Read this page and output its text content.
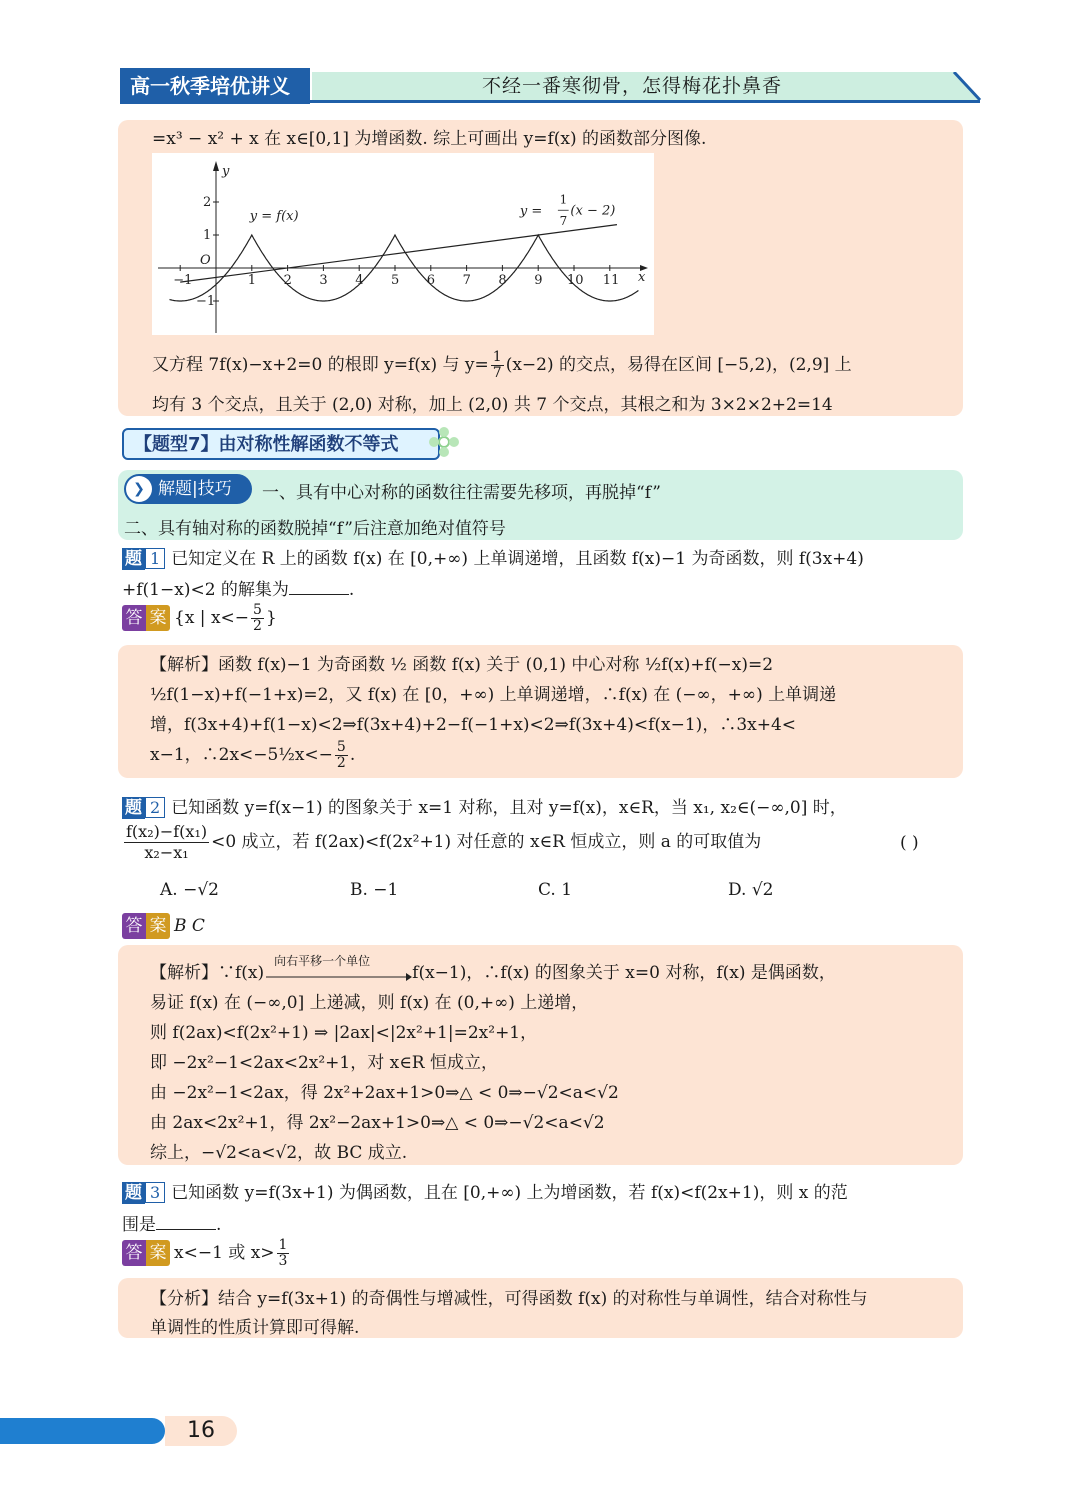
高一秋季培优讲义	不经一番寒彻骨，怎得梅花扑鼻香
=x³ − x² + x 在 x∈[0,1] 为增函数. 综上可画出 y=f(x) 的函数部分图像.
x
y
O
−1	1 2 3 4 5 6 7 8 9 10 11
2
1
−1
y = f(x)	y =
1
7
(x − 2)
又方程 7f(x)−x+2=0 的根即 y=f(x) 与 $y= \frac{1}{7} (x-2)$ 的交点，易得在区间 [−5,2)，(2,9] 上
均有 3 个交点，且关于 (2,0) 对称，加上 (2,0) 共 7 个交点，其根之和为 3×2×2+2=14
【题型7】由对称性解函数不等式
❯ 解题|技巧 一、具有中心对称的函数往往需要先移项，再脱掉“f”
二、具有轴对称的函数脱掉“f”后注意加绝对值符号
题 1 已知定义在 R 上的函数 f(x) 在 [0,+∞) 上单调递增，且函数 f(x)−1 为奇函数，则 f(3x+4)
+f(1−x)<2 的解集为	.
答 案 {x | $x<- \frac{5}{2}$ }
【解析】函数 f(x)−1 为奇函数 ½ 函数 f(x) 关于 (0,1) 中心对称 ½f(x)+f(−x)=2
½f(1−x)+f(−1+x)=2，又 f(x) 在 [0，+∞) 上单调递增，∴f(x) 在 (−∞，+∞) 上单调递
增，f(3x+4)+f(1−x)<2⇒f(3x+4)+2−f(−1+x)<2⇒f(3x+4)<f(x−1)，∴3x+4<
x−1，∴2x<−5½x<− $\frac{5}{2}$ .
题 2 已知函数 y=f(x−1) 的图象关于 x=1 对称，且对 y=f(x)，x∈R，当 x₁, x₂∈(−∞,0] 时，
$\frac{\text{f(x₂)−f(x₁)}}{\text{x₂−x₁}} <0$ 成立，若 f(2ax)<f(2x²+1) 对任意的 x∈R 恒成立，则 a 的可取值为	( )
A. −√2	B. −1	C. 1	D. √2
答 案 B C
【解析】∵f(x)
向右平移一个单位
f(x−1)，∴f(x) 的图象关于 x=0 对称，f(x) 是偶函数，
易证 f(x) 在 (−∞,0] 上递减，则 f(x) 在 (0,+∞) 上递增，
则 f(2ax)<f(2x²+1) ⇒ |2ax|<|2x²+1|=2x²+1，
即 −2x²−1<2ax<2x²+1，对 x∈R 恒成立，
由 −2x²−1<2ax，得 2x²+2ax+1>0⇒△ < 0⇒−√2<a<√2
由 2ax<2x²+1，得 2x²−2ax+1>0⇒△ < 0⇒−√2<a<√2
综上，−√2<a<√2，故 BC 成立.
题 3 已知函数 y=f(3x+1) 为偶函数，且在 [0,+∞) 上为增函数，若 f(x)<f(2x+1)，则 x 的范
围是	.
答 案 x<−1 或 $x> \frac{1}{3}$
【分析】结合 y=f(3x+1) 的奇偶性与增减性，可得函数 f(x) 的对称性与单调性，结合对称性与
单调性的性质计算即可得解.
16
